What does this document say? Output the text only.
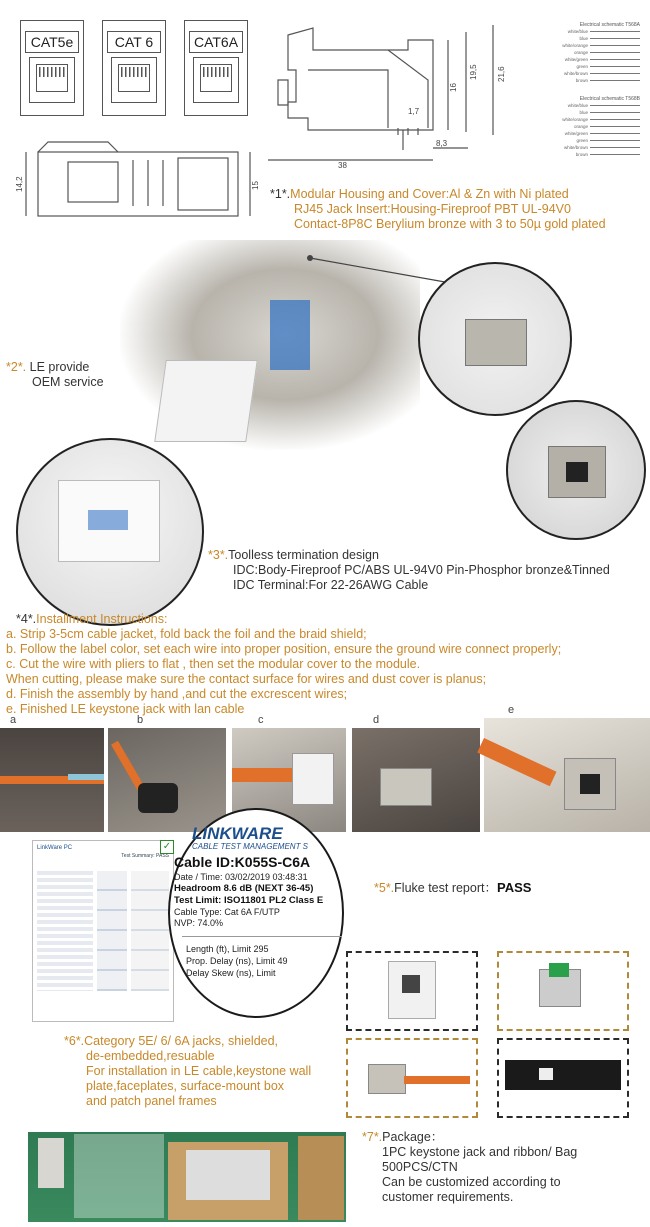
CAT5e	CAT 6	CAT6A
19,5 21,6
16
1,7
8,3
38
Electrical schematic T568A
white/blue
blue
white/orange
orange
white/green
green
white/brown
brown
Electrical schematic T568B
white/blue
blue
white/orange
orange
white/green
green
white/brown
brown
14,2	15
*1*.Modular Housing and Cover:Al & Zn with Ni plated
RJ45 Jack Insert:Housing-Fireproof PBT UL-94V0
Contact-8P8C Berylium bronze with 3 to 50µ gold plated
*2*. LE provide
OEM service
*3*.Toolless termination design
IDC:Body-Fireproof PC/ABS UL-94V0 Pin-Phosphor bronze&Tinned
IDC Terminal:For 22-26AWG Cable
*4*.Installment Instructions:
a. Strip 3-5cm cable jacket, fold back the foil and the braid shield;
b. Follow the label color, set each wire into proper position, ensure the ground wire connect properly;
c. Cut the wire with pliers to flat , then set the modular cover to the module.
When cutting, please make sure the contact surface for wires and dust cover is planus;
d. Finish the assembly by hand ,and cut the excrescent wires;
e. Finished LE keystone jack with lan cable
a	b	c	d
e
LinkWare PC
Test Summary: PASS
✓
LINKWARE
CABLE TEST MANAGEMENT S
Cable ID:K055S-C6A
Date / Time: 03/02/2019 03:48:31
Headroom 8.6 dB (NEXT 36-45)
Test Limit: ISO11801 PL2 Class E
Cable Type: Cat 6A F/UTP
NVP: 74.0%
Length (ft), Limit 295
Prop. Delay (ns), Limit 49
Delay Skew (ns), Limit
*5*.Fluke test report：PASS
*6*.Category 5E/ 6/ 6A jacks, shielded,
de-embedded,resuable
For installation in LE cable,keystone wall
plate,faceplates, surface-mount box
and patch panel frames
*7*.Package：
1PC keystone jack and ribbon/ Bag
500PCS/CTN
Can be customized according to
customer requirements.
